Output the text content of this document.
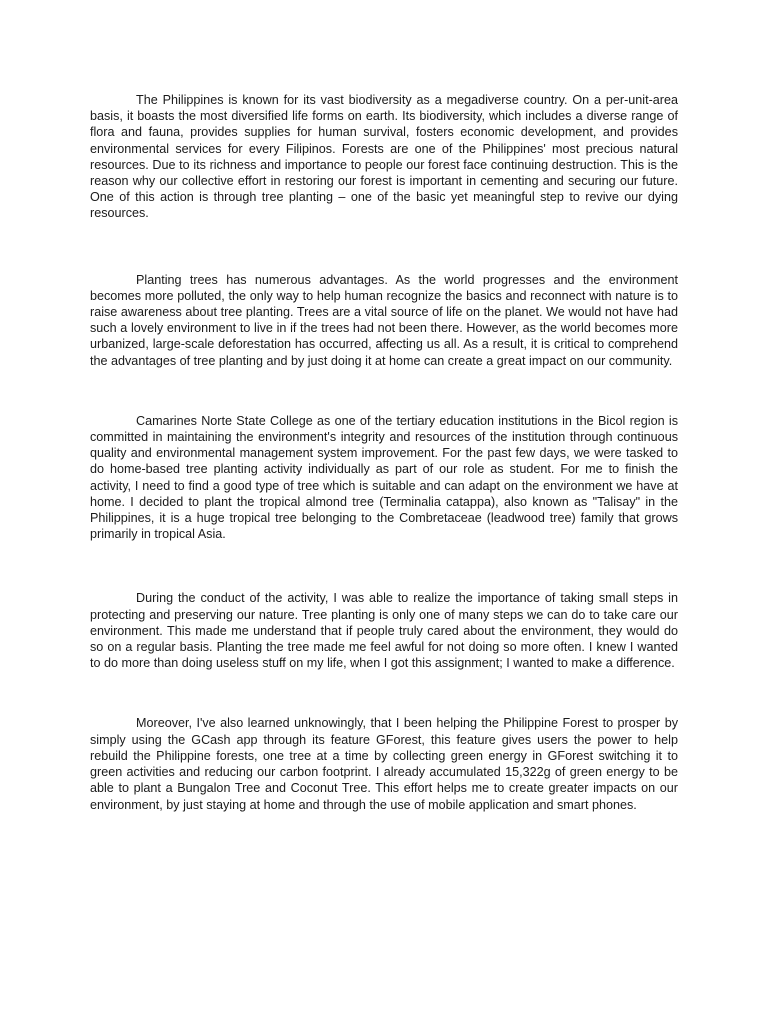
The Philippines is known for its vast biodiversity as a megadiverse country. On a per-unit-area basis, it boasts the most diversified life forms on earth. Its biodiversity, which includes a diverse range of flora and fauna, provides supplies for human survival, fosters economic development, and provides environmental services for every Filipinos. Forests are one of the Philippines' most precious natural resources. Due to its richness and importance to people our forest face continuing destruction. This is the reason why our collective effort in restoring our forest is important in cementing and securing our future. One of this action is through tree planting – one of the basic yet meaningful step to revive our dying resources.

Planting trees has numerous advantages. As the world progresses and the environment becomes more polluted, the only way to help human recognize the basics and reconnect with nature is to raise awareness about tree planting. Trees are a vital source of life on the planet. We would not have had such a lovely environment to live in if the trees had not been there. However, as the world becomes more urbanized, large-scale deforestation has occurred, affecting us all. As a result, it is critical to comprehend the advantages of tree planting and by just doing it at home can create a great impact on our community.

Camarines Norte State College as one of the tertiary education institutions in the Bicol region is committed in maintaining the environment's integrity and resources of the institution through continuous quality and environmental management system improvement. For the past few days, we were tasked to do home-based tree planting activity individually as part of our role as student. For me to finish the activity, I need to find a good type of tree which is suitable and can adapt on the environment we have at home. I decided to plant the tropical almond tree (Terminalia catappa), also known as "Talisay" in the Philippines, it is a huge tropical tree belonging to the Combretaceae (leadwood tree) family that grows primarily in tropical Asia.

During the conduct of the activity, I was able to realize the importance of taking small steps in protecting and preserving our nature. Tree planting is only one of many steps we can do to take care our environment. This made me understand that if people truly cared about the environment, they would do so on a regular basis. Planting the tree made me feel awful for not doing so more often. I knew I wanted to do more than doing useless stuff on my life, when I got this assignment; I wanted to make a difference.

Moreover, I've also learned unknowingly, that I been helping the Philippine Forest to prosper by simply using the GCash app through its feature GForest, this feature gives users the power to help rebuild the Philippine forests, one tree at a time by collecting green energy in GForest switching it to green activities and reducing our carbon footprint. I already accumulated 15,322g of green energy to be able to plant a Bungalon Tree and Coconut Tree. This effort helps me to create greater impacts on our environment, by just staying at home and through the use of mobile application and smart phones.
